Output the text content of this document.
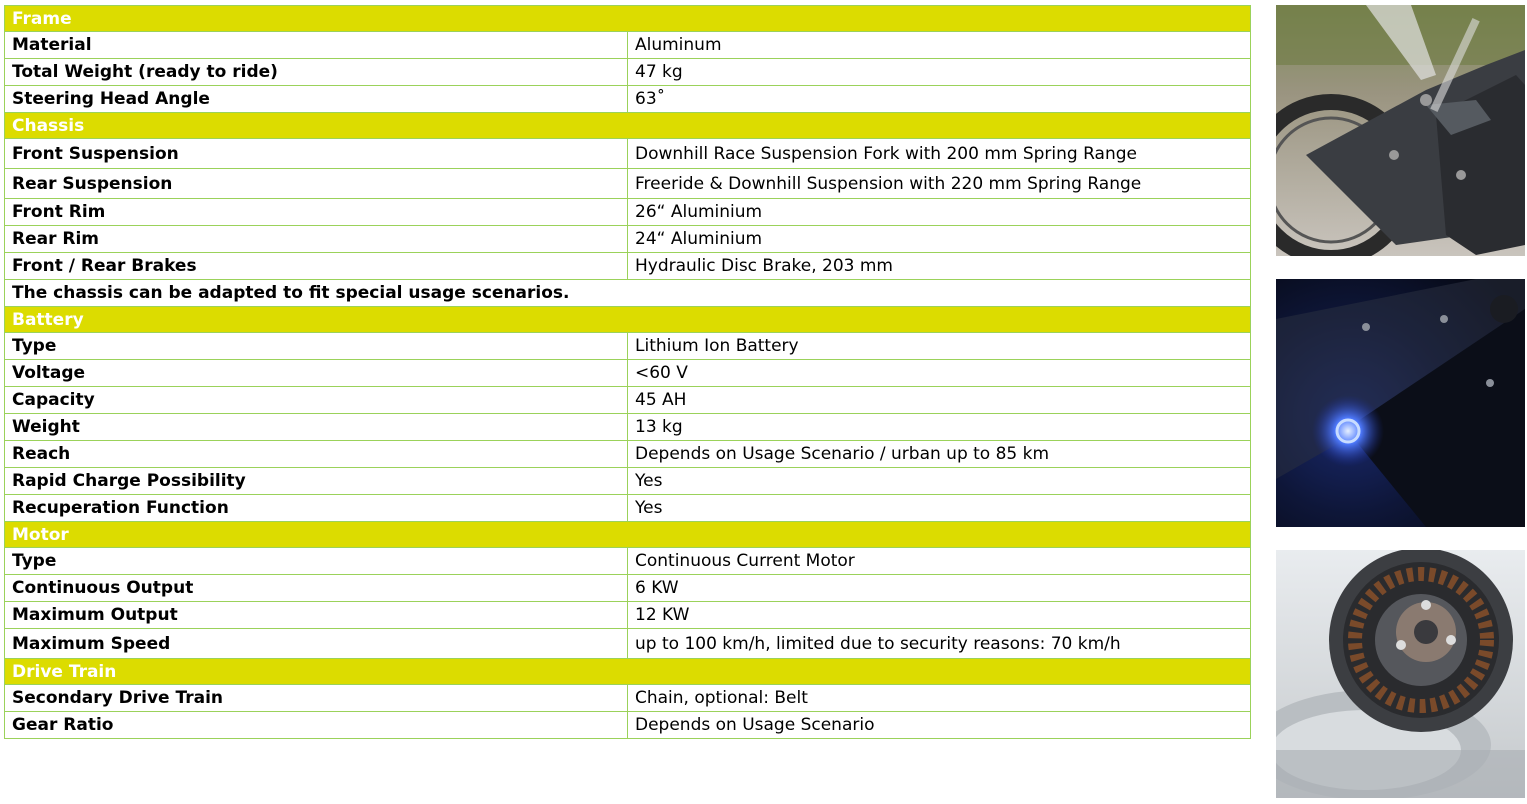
Frame	
Material	Aluminum
Total Weight (ready to ride)	47 kg
Steering Head Angle	63˚
Chassis	
Front Suspension	Downhill Race Suspension Fork with 200 mm Spring Range
Rear Suspension	Freeride & Downhill Suspension with 220 mm Spring Range
Front Rim	26“ Aluminium
Rear Rim	24“ Aluminium
Front / Rear Brakes	Hydraulic Disc Brake, 203 mm
The chassis can be adapted to fit special usage scenarios.	
Battery	
Type	Lithium Ion Battery
Voltage	<60 V
Capacity	45 AH
Weight	13 kg
Reach	Depends on Usage Scenario / urban up to 85 km
Rapid Charge Possibility	Yes
Recuperation Function	Yes
Motor	
Type	Continuous Current Motor
Continuous Output	6 KW
Maximum Output	12 KW
Maximum Speed	up to 100 km/h, limited due to security reasons: 70 km/h
Drive Train	
Secondary Drive Train	Chain, optional: Belt
Gear Ratio	Depends on Usage Scenario
